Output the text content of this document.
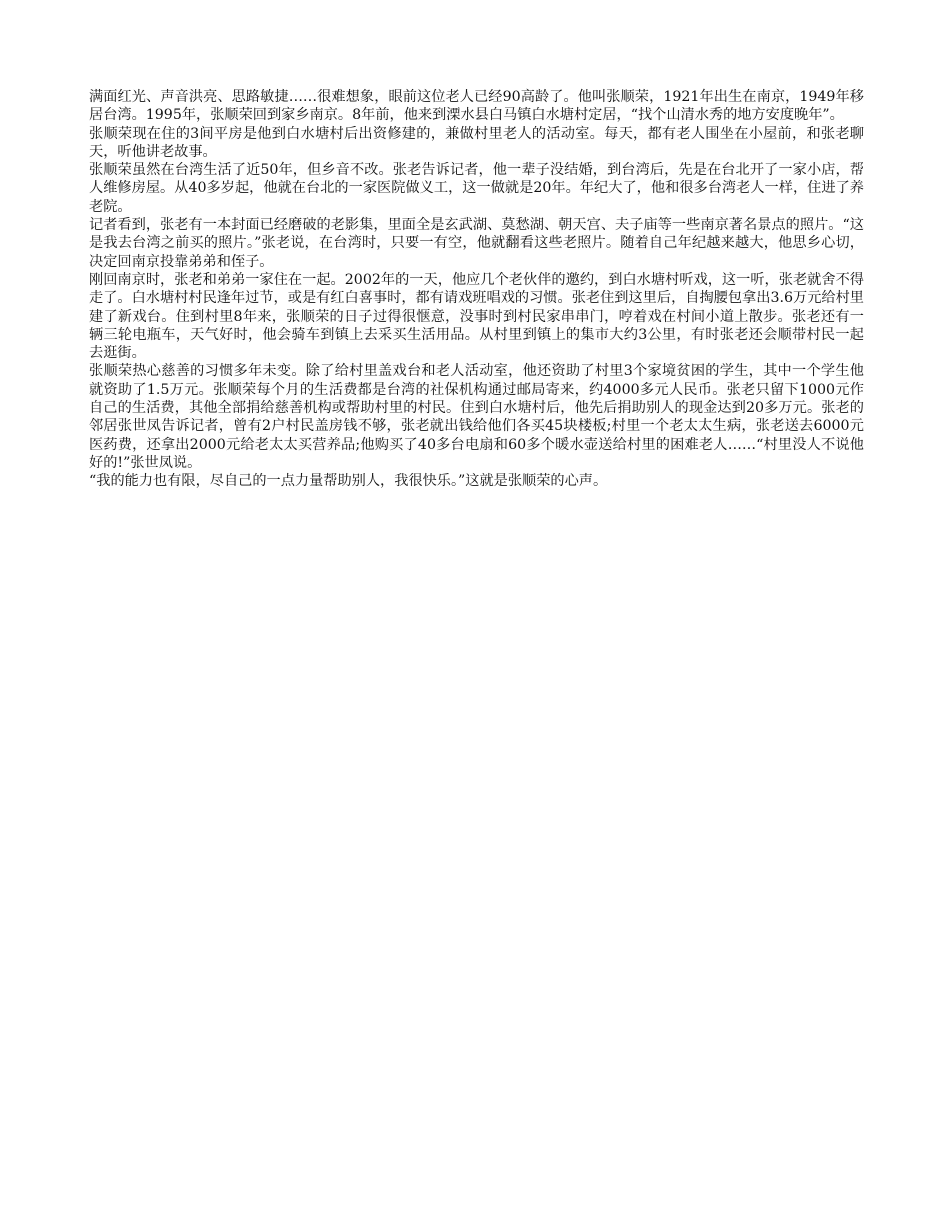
满面红光、声音洪亮、思路敏捷……很难想象，眼前这位老人已经90高龄了。他叫张顺荣，1921年出生在南京，1949年移居台湾。1995年，张顺荣回到家乡南京。8年前，他来到溧水县白马镇白水塘村定居，“找个山清水秀的地方安度晚年”。

张顺荣现在住的3间平房是他到白水塘村后出资修建的，兼做村里老人的活动室。每天，都有老人围坐在小屋前，和张老聊天，听他讲老故事。

张顺荣虽然在台湾生活了近50年，但乡音不改。张老告诉记者，他一辈子没结婚，到台湾后，先是在台北开了一家小店，帮人维修房屋。从40多岁起，他就在台北的一家医院做义工，这一做就是20年。年纪大了，他和很多台湾老人一样，住进了养老院。

记者看到，张老有一本封面已经磨破的老影集，里面全是玄武湖、莫愁湖、朝天宫、夫子庙等一些南京著名景点的照片。“这是我去台湾之前买的照片。”张老说，在台湾时，只要一有空，他就翻看这些老照片。随着自己年纪越来越大，他思乡心切，决定回南京投靠弟弟和侄子。

刚回南京时，张老和弟弟一家住在一起。2002年的一天，他应几个老伙伴的邀约，到白水塘村听戏，这一听，张老就舍不得走了。白水塘村村民逢年过节，或是有红白喜事时，都有请戏班唱戏的习惯。张老住到这里后，自掏腰包拿出3.6万元给村里建了新戏台。住到村里8年来，张顺荣的日子过得很惬意，没事时到村民家串串门，哼着戏在村间小道上散步。张老还有一辆三轮电瓶车，天气好时，他会骑车到镇上去采买生活用品。从村里到镇上的集市大约3公里，有时张老还会顺带村民一起去逛街。

张顺荣热心慈善的习惯多年未变。除了给村里盖戏台和老人活动室，他还资助了村里3个家境贫困的学生，其中一个学生他就资助了1.5万元。张顺荣每个月的生活费都是台湾的社保机构通过邮局寄来，约4000多元人民币。张老只留下1000元作自己的生活费，其他全部捐给慈善机构或帮助村里的村民。住到白水塘村后，他先后捐助别人的现金达到20多万元。张老的邻居张世凤告诉记者，曾有2户村民盖房钱不够，张老就出钱给他们各买45块楼板;村里一个老太太生病，张老送去6000元医药费，还拿出2000元给老太太买营养品;他购买了40多台电扇和60多个暖水壶送给村里的困难老人……“村里没人不说他好的!”张世凤说。

“我的能力也有限，尽自己的一点力量帮助别人，我很快乐。”这就是张顺荣的心声。
